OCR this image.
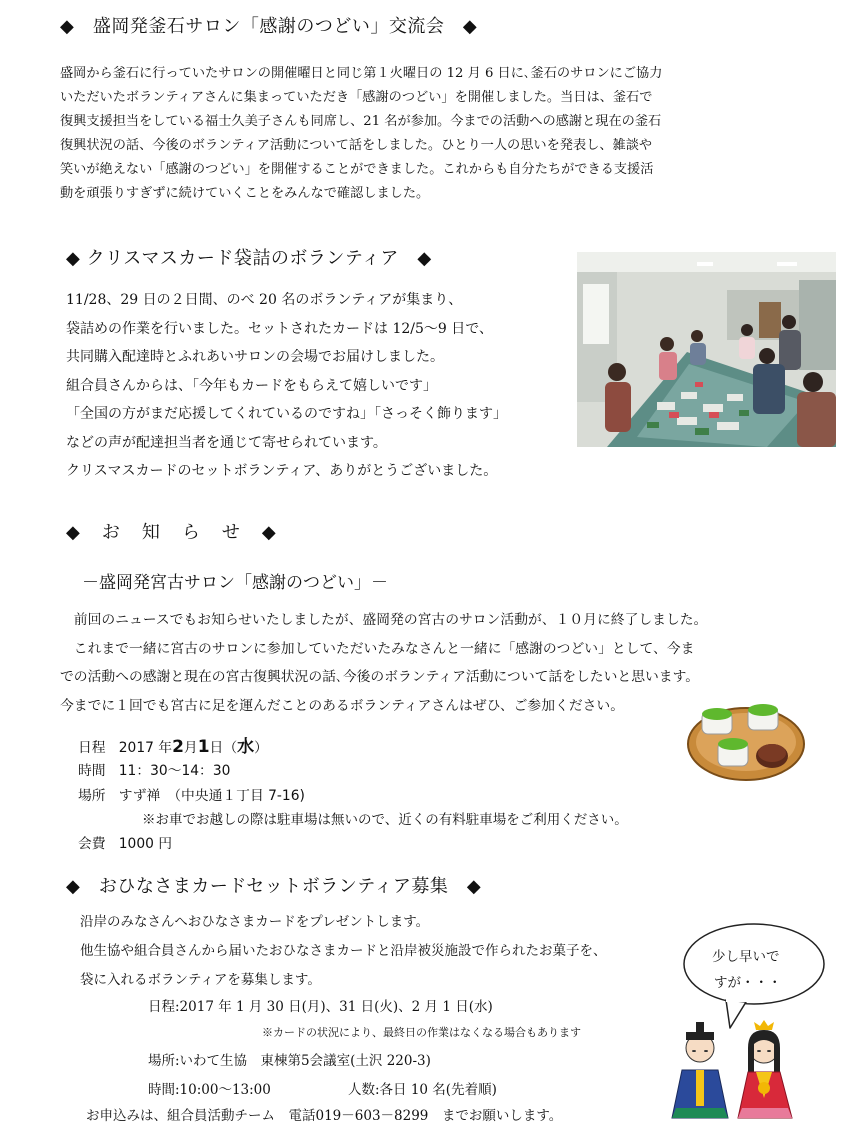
◆　盛岡発釜石サロン「感謝のつどい」交流会　◆
盛岡から釜石に行っていたサロンの開催曜日と同じ第１火曜日の 12 月 6 日に､釜石のサロンにご協力
いただいたボランティアさんに集まっていただき「感謝のつどい」を開催しました。当日は、釜石で
復興支援担当をしている福士久美子さんも同席し、21 名が参加。今までの活動への感謝と現在の釜石
復興状況の話、今後のボランティア活動について話をしました。ひとり一人の思いを発表し、雑談や
笑いが絶えない「感謝のつどい」を開催することができました。これからも自分たちができる支援活
動を頑張りすぎずに続けていくことをみんなで確認しました。
◆ クリスマスカード袋詰のボランティア　◆
11/28、29 日の２日間、のべ 20 名のボランティアが集まり、
袋詰めの作業を行いました。セットされたカードは 12/5～9 日で、
共同購入配達時とふれあいサロンの会場でお届けしました。
組合員さんからは、｢今年もカードをもらえて嬉しいです｣
「全国の方がまだ応援してくれているのですね」「さっそく飾ります」
などの声が配達担当者を通じて寄せられています。
クリスマスカードのセットボランティア、ありがとうございました。
◆　お　知　ら　せ　◆
－盛岡発宮古サロン「感謝のつどい」－
　前回のニュースでもお知らせいたしましたが、盛岡発の宮古のサロン活動が、１０月に終了しました。
　これまで一緒に宮古のサロンに参加していただいたみなさんと一緒に「感謝のつどい」として、今ま
での活動への感謝と現在の宮古復興状況の話､今後のボランティア活動について話をしたいと思います。
今までに１回でも宮古に足を運んだことのあるボランティアさんはぜひ、ご参加ください。
日程 2017 年2月1日（水）
時間 11：30～14：30
場所 すず禅　（中央通１丁目 7-16)
※お車でお越しの際は駐車場は無いので、近くの有料駐車場をご利用ください。
会費 1000 円
◆　おひなさまカードセットボランティア募集　◆
沿岸のみなさんへおひなさまカードをプレゼントします。
他生協や組合員さんから届いたおひなさまカードと沿岸被災施設で作られたお菓子を、
袋に入れるボランティアを募集します。
日程:2017 年 1 月 30 日(月)、31 日(火)、2 月 1 日(水)
※カードの状況により、最終日の作業はなくなる場合もあります
場所:いわて生協　東棟第5会議室(土沢 220-3)
時間:10:00～13:00	人数:各日 10 名(先着順)
お申込みは、組合員活動チーム　電話019－603－8299　までお願いします。
少し早いで
すが・・・
